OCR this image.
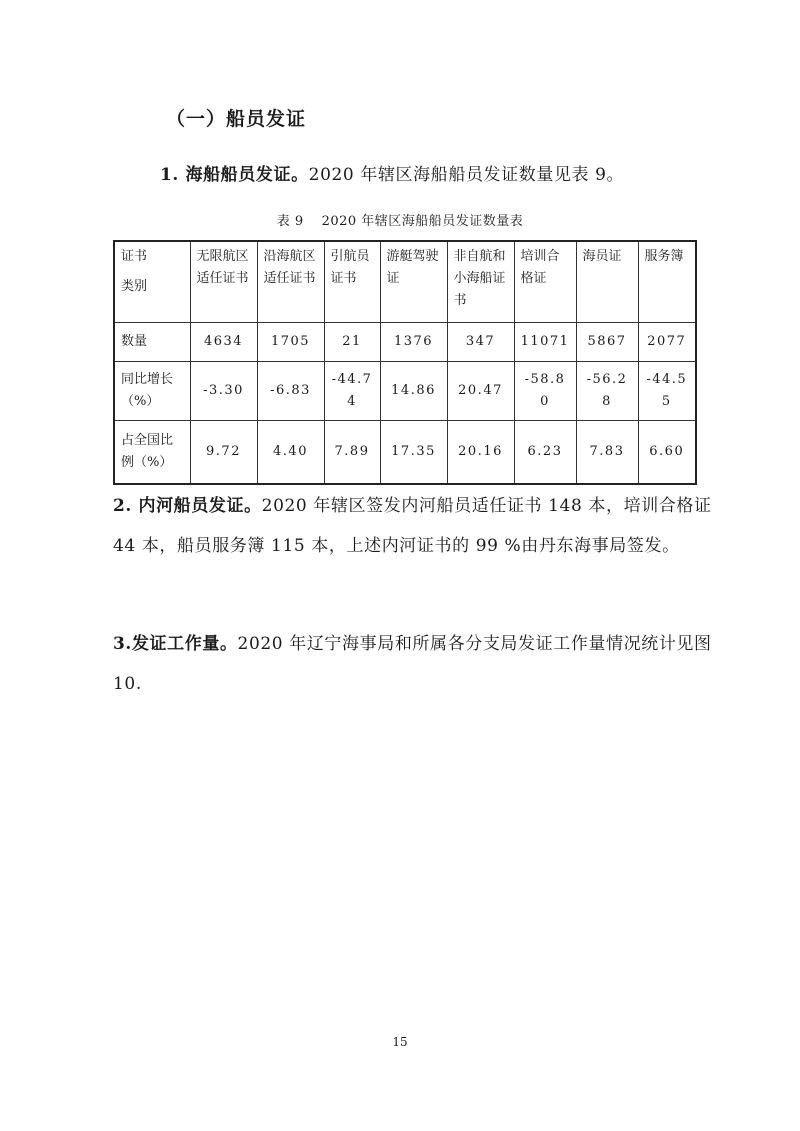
（一）船员发证
1. 海船船员发证。2020 年辖区海船船员发证数量见表 9。
表 9 2020 年辖区海船船员发证数量表
证书
类别	无限航区适任证书	沿海航区适任证书	引航员证书	游艇驾驶证	非自航和小海船证书	培训合格证	海员证	服务簿
数量	4634	1705	21	1376	347	11071	5867	2077
同比增长（%）	-3.30	-6.83	-44.74	14.86	20.47	-58.80	-56.28	-44.55
占全国比例（%）	9.72	4.40	7.89	17.35	20.16	6.23	7.83	6.60
2. 内河船员发证。2020 年辖区签发内河船员适任证书 148 本，培训合格证 44 本，船员服务簿 115 本，上述内河证书的 99 %由丹东海事局签发。
3.发证工作量。2020 年辽宁海事局和所属各分支局发证工作量情况统计见图 10.
15
